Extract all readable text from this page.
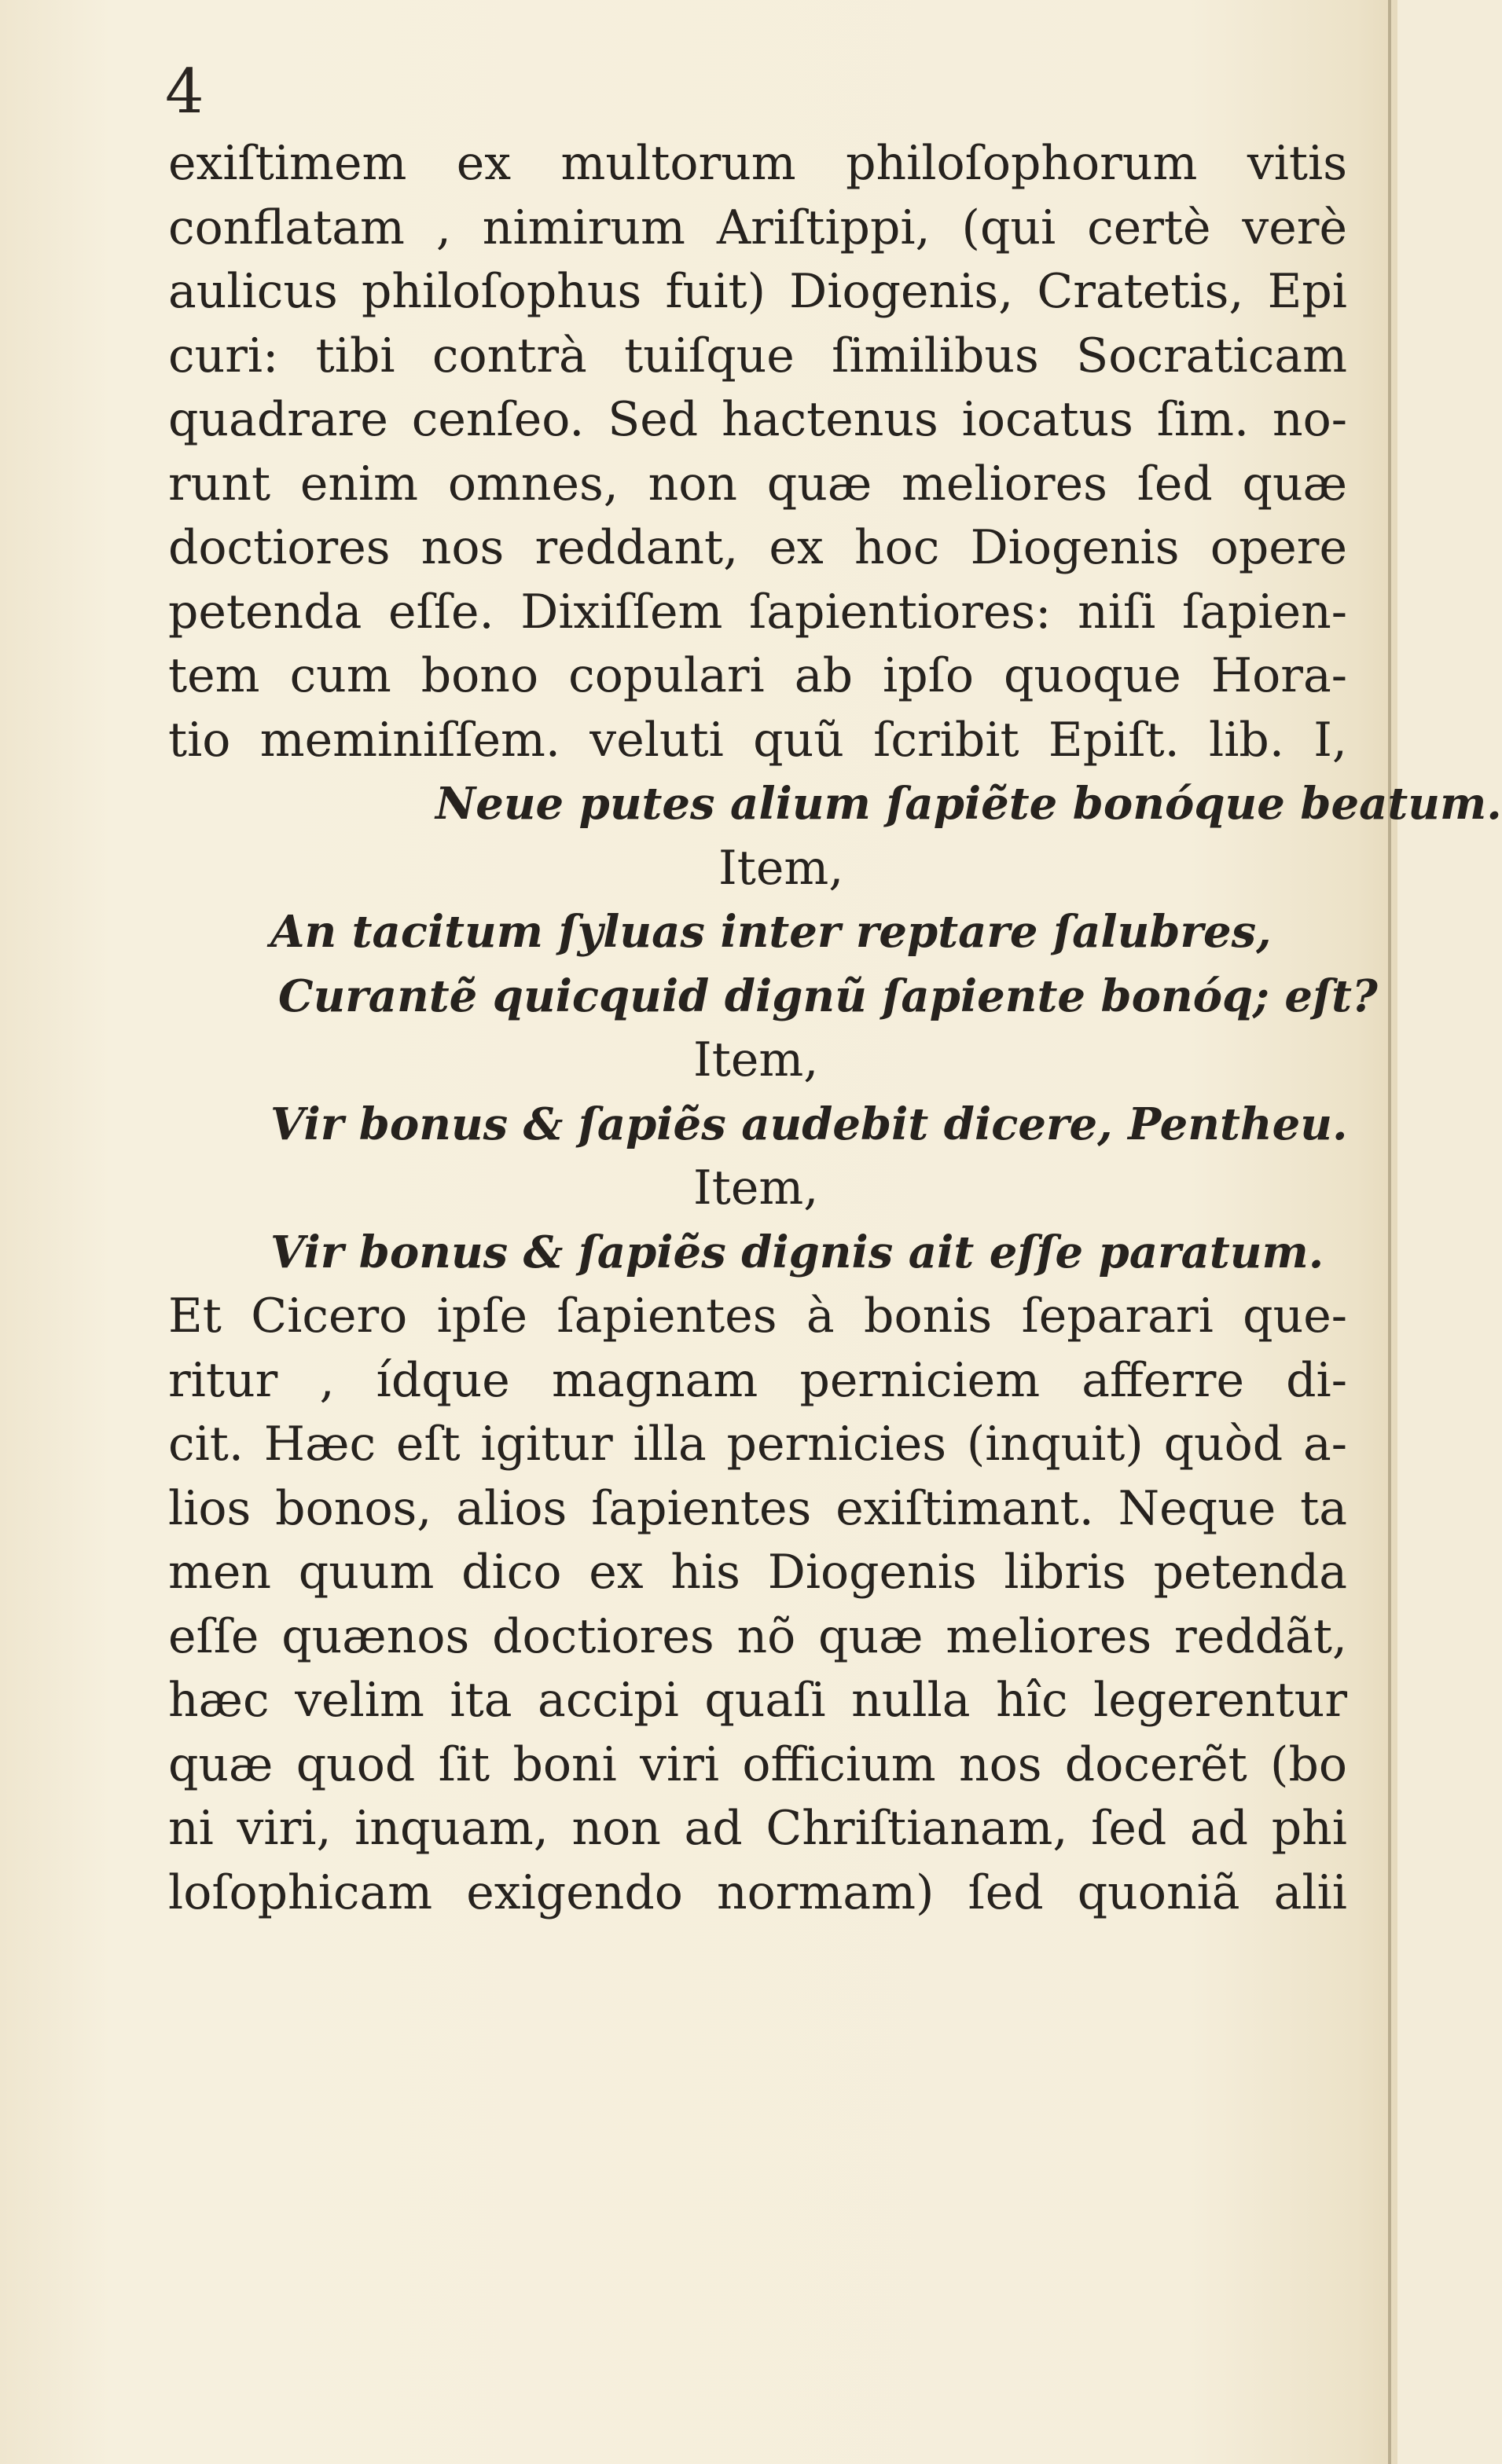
4
exiſtimem ex multorum philoſophorum vitis
conflatam , nimirum Ariſtippi, (qui certè verè
aulicus philoſophus fuit) Diogenis, Cratetis, Epi
curi: tibi contrà tuiſque ſimilibus Socraticam
quadrare cenſeo. Sed hactenus iocatus ſim. no-
runt enim omnes, non quæ meliores ſed quæ
doctiores nos reddant, ex hoc Diogenis opere
petenda eſſe. Dixiſſem ſapientiores: niſi ſapien-
tem cum bono copulari ab ipſo quoque Hora-
tio meminiſſem. veluti quũ ſcribit Epiſt. lib. I,
Neue putes alium ſapiẽte bonóque beatum.
Item,
An tacitum ſyluas inter reptare ſalubres,
Curantẽ quicquid dignũ ſapiente bonóq; eſt?
Item,
Vir bonus & ſapiẽs audebit dicere, Pentheu.
Item,
Vir bonus & ſapiẽs dignis ait eſſe paratum.
Et Cicero ipſe ſapientes à bonis ſeparari que-
ritur , ídque magnam perniciem afferre di-
cit. Hæc eſt igitur illa pernicies (inquit) quòd a-
lios bonos, alios ſapientes exiſtimant. Neque ta
men quum dico ex his Diogenis libris petenda
eſſe quænos doctiores nõ quæ meliores reddãt,
hæc velim ita accipi quaſi nulla hîc legerentur
quæ quod ſit boni viri officium nos docerẽt (bo
ni viri, inquam, non ad Chriſtianam, ſed ad phi
loſophicam exigendo normam) ſed quoniã alii
